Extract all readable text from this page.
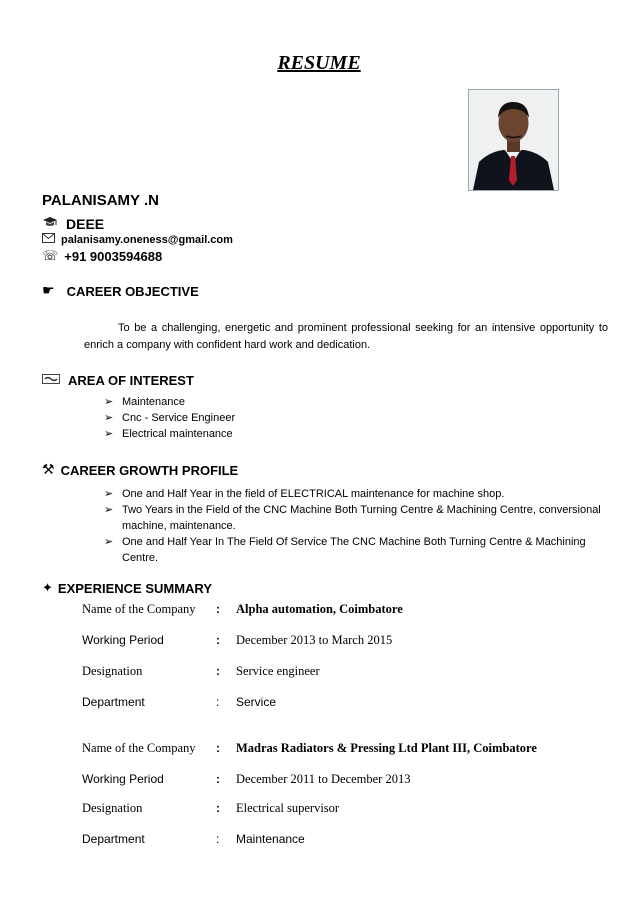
RESUME
PALANISAMY .N
DEEE
palanisamy.oneness@gmail.com
☏ +91 9003594688
☛ CAREER OBJECTIVE
To be a challenging, energetic and prominent professional seeking for an intensive opportunity to enrich a company with confident hard work and dedication.
AREA OF INTEREST
➢ Maintenance
➢ Cnc - Service Engineer
➢ Electrical maintenance
⚒ CAREER GROWTH PROFILE
➢ One and Half Year in the field of ELECTRICAL maintenance for machine shop.
➢ Two Years in the Field of the CNC Machine Both Turning Centre & Machining Centre, conversional machine, maintenance.
➢ One and Half Year In The Field Of Service The CNC Machine Both Turning Centre & Machining Centre.
✦ EXPERIENCE SUMMARY
Name of the Company	:	Alpha automation, Coimbatore
Working Period	:	December 2013 to March 2015
Designation	:	Service engineer
Department	:	Service
Name of the Company	:	Madras Radiators & Pressing Ltd Plant III, Coimbatore
Working Period	:	December 2011 to December 2013
Designation	:	Electrical supervisor
Department	:	Maintenance
